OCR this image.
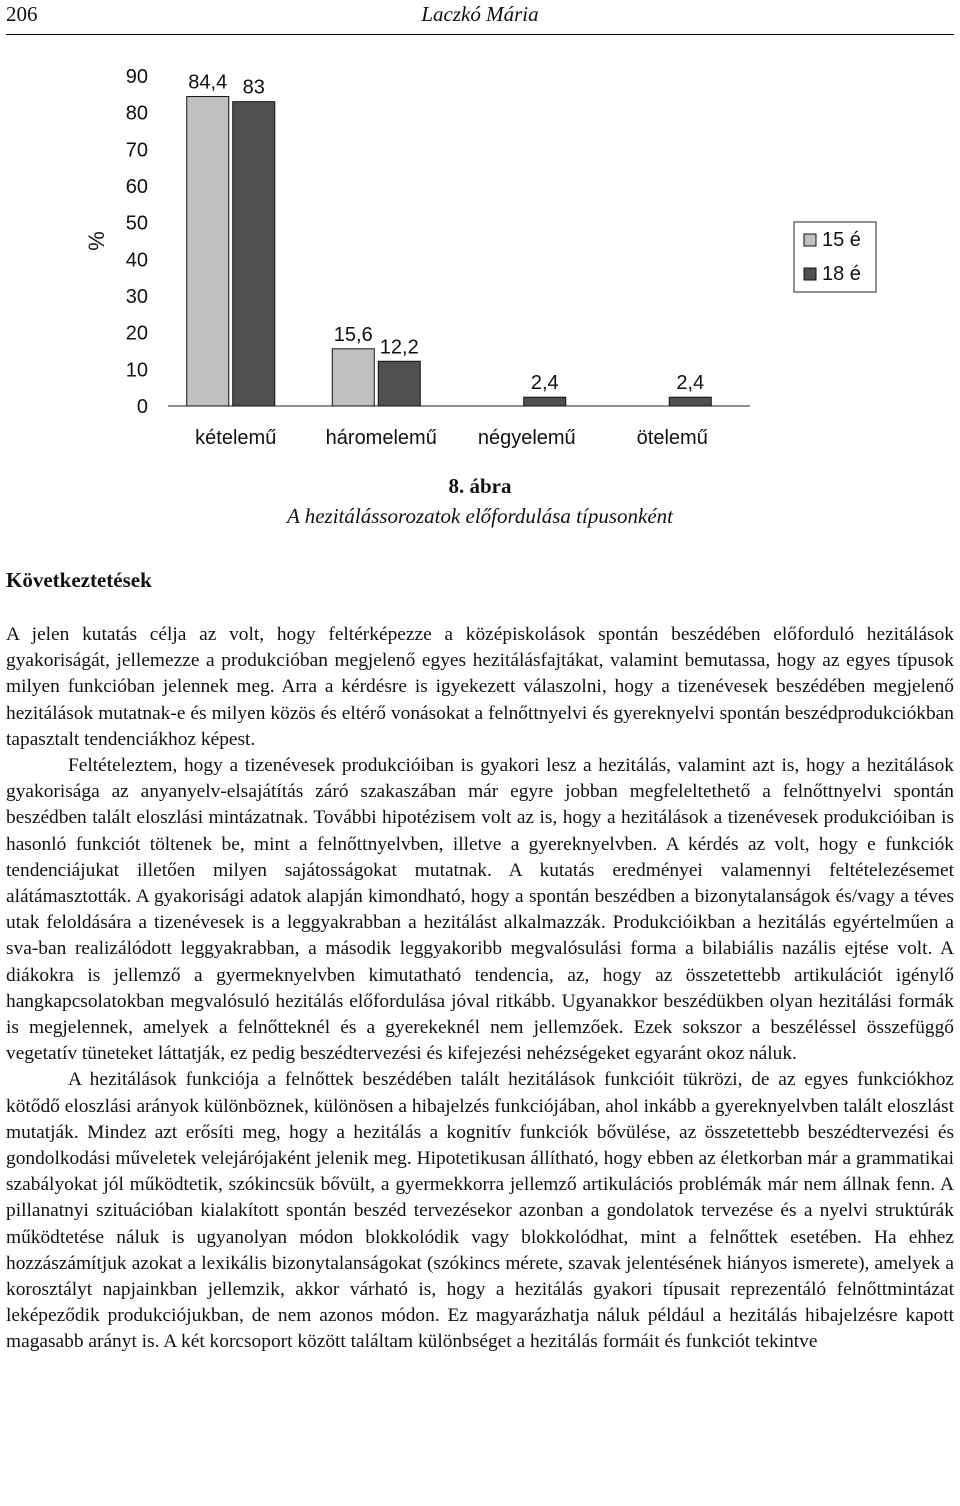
206	Laczkó Mária
0
10
20
30
40
50
60
70
80
90
%
kételemű
84,4 83
háromelemű
15,6
12,2
négyelemű
2,4
ötelemű
2,4
15 é
18 é
8. ábra
A hezitálássorozatok előfordulása típusonként
Következtetések

A jelen kutatás célja az volt, hogy feltérképezze a középiskolások spontán beszédében előforduló hezitálások gyakoriságát, jellemezze a produkcióban megjelenő egyes hezitálásfajtákat, valamint bemutassa, hogy az egyes típusok milyen funkcióban jelennek meg. Arra a kérdésre is igyekezett válaszolni, hogy a tizenévesek beszédében megjelenő hezitálások mutatnak-e és milyen közös és eltérő vonásokat a felnőttnyelvi és gyereknyelvi spontán beszédprodukciókban tapasztalt tendenciákhoz képest.

Feltételeztem, hogy a tizenévesek produkcióiban is gyakori lesz a hezitálás, valamint azt is, hogy a hezitálások gyakorisága az anyanyelv-elsajátítás záró szakaszában már egyre jobban megfeleltethető a felnőttnyelvi spontán beszédben talált eloszlási mintázatnak. További hipotézisem volt az is, hogy a hezitálások a tizenévesek produkcióiban is hasonló funkciót töltenek be, mint a felnőttnyelvben, illetve a gyereknyelvben. A kérdés az volt, hogy e funkciók tendenciájukat illetően milyen sajátosságokat mutatnak. A kutatás eredményei valamennyi feltételezésemet alátámasztották. A gyakorisági adatok alapján kimondható, hogy a spontán beszédben a bizonytalanságok és/vagy a téves utak feloldására a tizenévesek is a leggyakrabban a hezitálást alkalmazzák. Produkcióikban a hezitálás egyértelműen a sva-ban realizálódott leggyakrabban, a második leggyakoribb megvalósulási forma a bilabiális nazális ejtése volt. A diákokra is jellemző a gyermeknyelvben kimutatható tendencia, az, hogy az összetettebb artikulációt igénylő hangkapcsolatokban megvalósuló hezitálás előfordulása jóval ritkább. Ugyanakkor beszédükben olyan hezitálási formák is megjelennek, amelyek a felnőtteknél és a gyerekeknél nem jellemzőek. Ezek sokszor a beszéléssel összefüggő vegetatív tüneteket láttatják, ez pedig beszédtervezési és kifejezési nehézségeket egyaránt okoz náluk.

A hezitálások funkciója a felnőttek beszédében talált hezitálások funkcióit tükrözi, de az egyes funkciókhoz kötődő eloszlási arányok különböznek, különösen a hibajelzés funkciójában, ahol inkább a gyereknyelvben talált eloszlást mutatják. Mindez azt erősíti meg, hogy a hezitálás a kognitív funkciók bővülése, az összetettebb beszédtervezési és gondolkodási műveletek velejárójaként jelenik meg. Hipotetikusan állítható, hogy ebben az életkorban már a grammatikai szabályokat jól működtetik, szókincsük bővült, a gyermekkorra jellemző artikulációs problémák már nem állnak fenn. A pillanatnyi szituációban kialakított spontán beszéd tervezésekor azonban a gondolatok tervezése és a nyelvi struktúrák működtetése náluk is ugyanolyan módon blokkolódik vagy blokkolódhat, mint a felnőttek esetében. Ha ehhez hozzászámítjuk azokat a lexikális bizonytalanságokat (szókincs mérete, szavak jelentésének hiányos ismerete), amelyek a korosztályt napjainkban jellemzik, akkor várható is, hogy a hezitálás gyakori típusait reprezentáló felnőttmintázat leképeződik produkciójukban, de nem azonos módon. Ez magyarázhatja náluk például a hezitálás hibajelzésre kapott magasabb arányt is. A két korcsoport között találtam különbséget a hezitálás formáit és funkciót tekintve
